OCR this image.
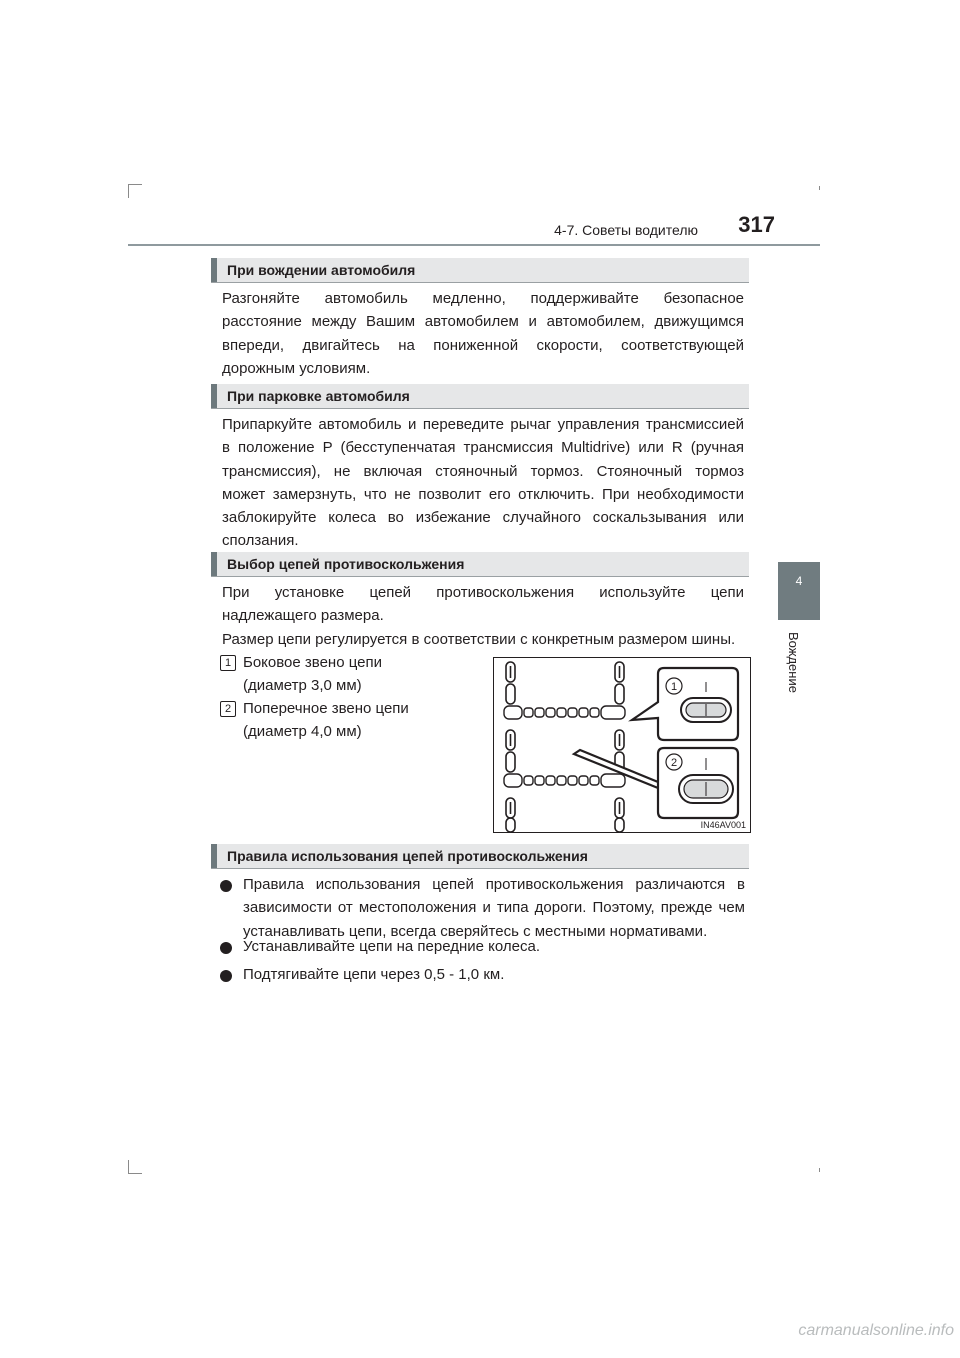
4-7. Советы водителю 317
4
Вождение
При вождении автомобиля

Разгоняйте автомобиль медленно, поддерживайте безопасное

расстояние между Вашим автомобилем и автомобилем, движущимся

впереди, двигайтесь на пониженной скорости, соответствующей

дорожным условиям.

При парковке автомобиля

Припаркуйте автомобиль и переведите рычаг управления трансмиссией

в положение P (бесступенчатая трансмиссия Multidrive) или R (ручная

трансмиссия), не включая стояночный тормоз. Стояночный тормоз

может замерзнуть, что не позволит его отключить. При необходимости

заблокируйте колеса во избежание случайного соскальзывания или

сползания.

Выбор цепей противоскольжения

При установке цепей противоскольжения используйте цепи

надлежащего размера.

Размер цепи регулируется в соответствии с конкретным размером шины.

1 Боковое звено цепи
(диаметр 3,0 мм)
2 Поперечное звено цепи
(диаметр 4,0 мм)
1
2
IN46AV001
Правила использования цепей противоскольжения
Правила использования цепей противоскольжения различаются в
зависимости от местоположения и типа дороги. Поэтому, прежде чем
устанавливать цепи, всегда сверяйтесь с местными нормативами.
Устанавливайте цепи на передние колеса.
Подтягивайте цепи через 0,5 - 1,0 км.
carmanualsonline.info
